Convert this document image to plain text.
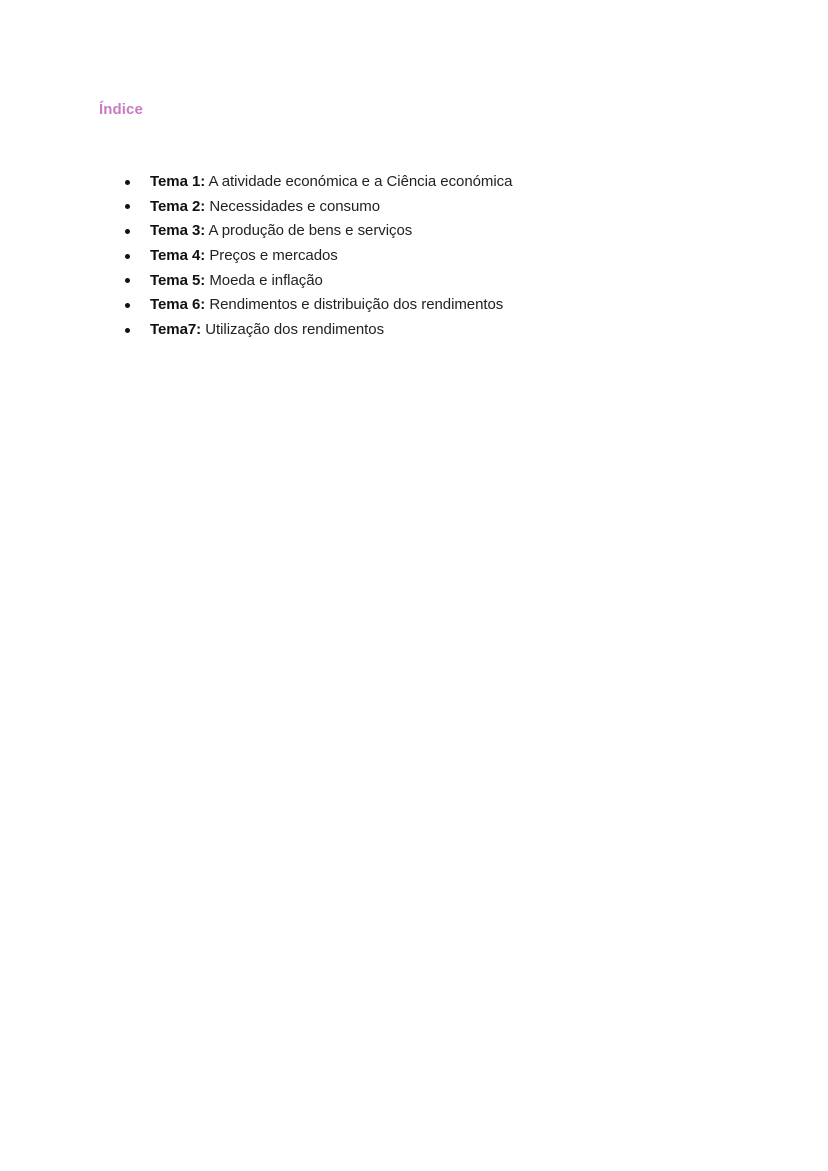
Índice
Tema 1: A atividade económica e a Ciência económica
Tema 2: Necessidades e consumo
Tema 3: A produção de bens e serviços
Tema 4: Preços e mercados
Tema 5: Moeda e inflação
Tema 6: Rendimentos e distribuição dos rendimentos
Tema7: Utilização dos rendimentos
